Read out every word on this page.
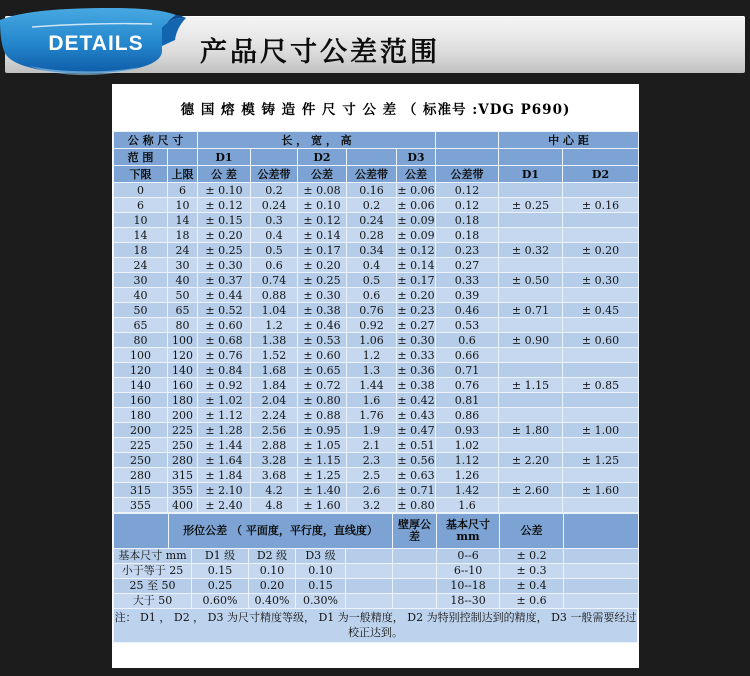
产品尺寸公差范围
DETAILS
德 国 熔 模 铸 造 件 尺 寸 公 差 （ 标准号 :VDG P690)
公 称 尺 寸		长 ， 宽 ， 高						中 心 距	
范 围		D1		D2		D3			
下限	上限	公 差	公差带	公差	公差带	公差	公差带	D1	D2
0	6	± 0.10	0.2	± 0.08	0.16	± 0.06	0.12		
6	10	± 0.12	0.24	± 0.10	0.2	± 0.06	0.12	± 0.25	± 0.16
10	14	± 0.15	0.3	± 0.12	0.24	± 0.09	0.18		
14	18	± 0.20	0.4	± 0.14	0.28	± 0.09	0.18		
18	24	± 0.25	0.5	± 0.17	0.34	± 0.12	0.23	± 0.32	± 0.20
24	30	± 0.30	0.6	± 0.20	0.4	± 0.14	0.27		
30	40	± 0.37	0.74	± 0.25	0.5	± 0.17	0.33	± 0.50	± 0.30
40	50	± 0.44	0.88	± 0.30	0.6	± 0.20	0.39		
50	65	± 0.52	1.04	± 0.38	0.76	± 0.23	0.46	± 0.71	± 0.45
65	80	± 0.60	1.2	± 0.46	0.92	± 0.27	0.53		
80	100	± 0.68	1.38	± 0.53	1.06	± 0.30	0.6	± 0.90	± 0.60
100	120	± 0.76	1.52	± 0.60	1.2	± 0.33	0.66		
120	140	± 0.84	1.68	± 0.65	1.3	± 0.36	0.71		
140	160	± 0.92	1.84	± 0.72	1.44	± 0.38	0.76	± 1.15	± 0.85
160	180	± 1.02	2.04	± 0.80	1.6	± 0.42	0.81		
180	200	± 1.12	2.24	± 0.88	1.76	± 0.43	0.86		
200	225	± 1.28	2.56	± 0.95	1.9	± 0.47	0.93	± 1.80	± 1.00
225	250	± 1.44	2.88	± 1.05	2.1	± 0.51	1.02		
250	280	± 1.64	3.28	± 1.15	2.3	± 0.56	1.12	± 2.20	± 1.25
280	315	± 1.84	3.68	± 1.25	2.5	± 0.63	1.26		
315	355	± 2.10	4.2	± 1.40	2.6	± 0.71	1.42	± 2.60	± 1.60
355	400	± 2.40	4.8	± 1.60	3.2	± 0.80	1.6		
	形位公差 （ 平面度，平行度，直线度）					壁厚公差	基本尺寸 mm	公差	
基本尺寸 mm		D1 级	D2 级	D3 级			0--6	± 0.2	
小于等于 25		0.15	0.10	0.10			6--10	± 0.3	
25 至 50		0.25	0.20	0.15			10--18	± 0.4	
大于 50		0.60%	0.40%	0.30%			18--30	± 0.6	
注： D1 ， D2 ， D3 为尺寸精度等级， D1 为一般精度， D2 为特别控制达到的精度， D3 一般需要经过校正达到。
